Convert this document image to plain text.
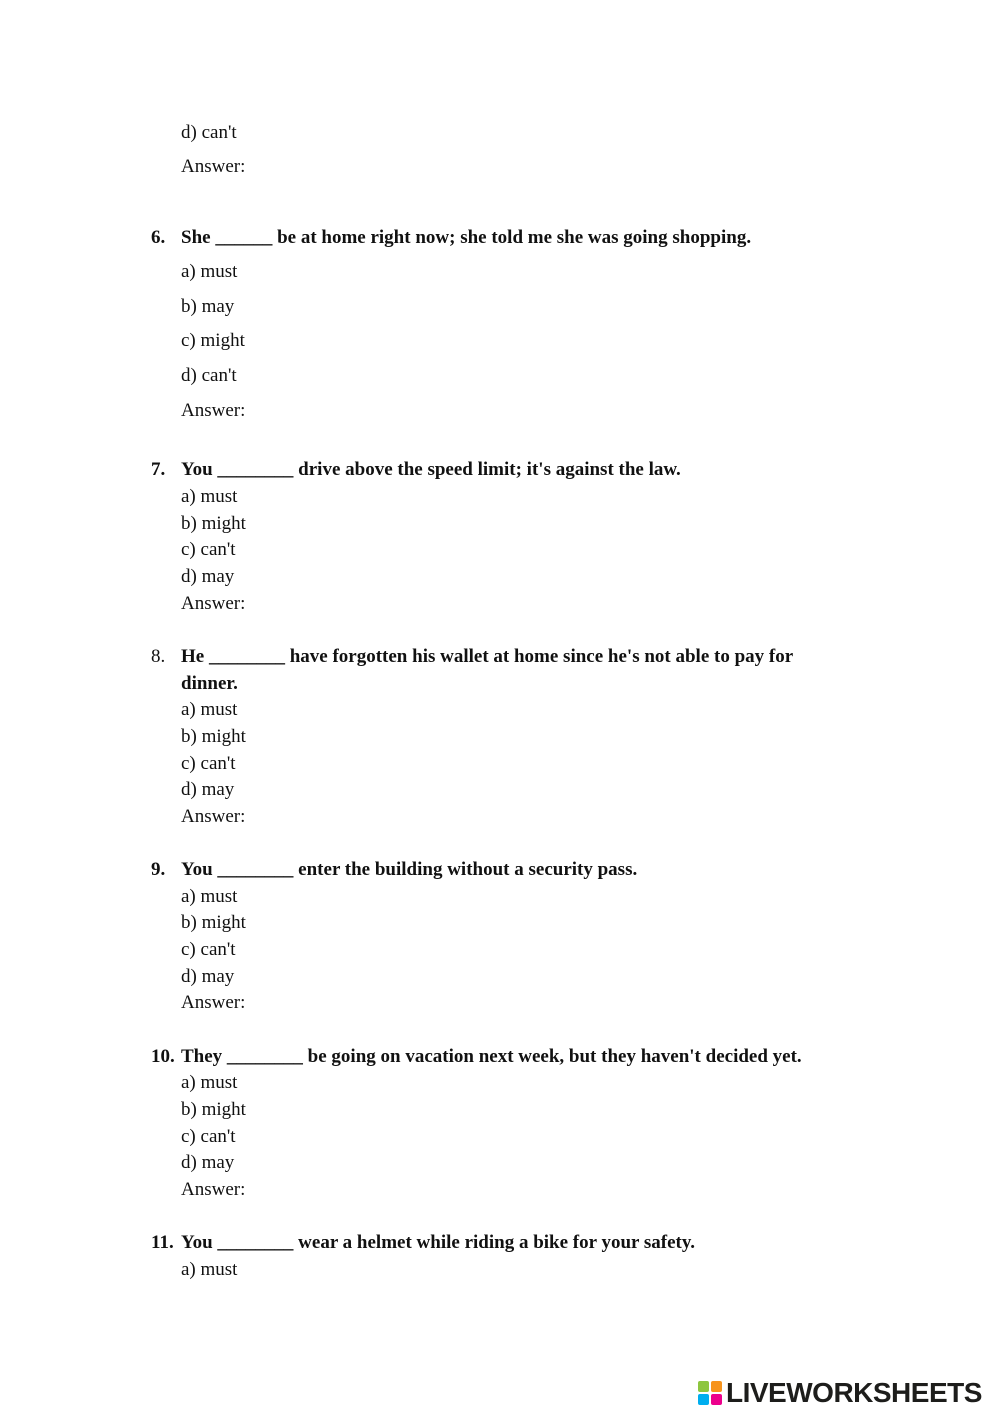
d) can't
Answer:
6. She ______ be at home right now; she told me she was going shopping.
a) must
b) may
c) might
d) can't
Answer:
7. You ________ drive above the speed limit; it's against the law.
a) must
b) might
c) can't
d) may
Answer:
8. He ________ have forgotten his wallet at home since he's not able to pay for
dinner.
a) must
b) might
c) can't
d) may
Answer:
9. You ________ enter the building without a security pass.
a) must
b) might
c) can't
d) may
Answer:
10. They ________ be going on vacation next week, but they haven't decided yet.
a) must
b) might
c) can't
d) may
Answer:
11. You ________ wear a helmet while riding a bike for your safety.
a) must
LIVEWORKSHEETS
